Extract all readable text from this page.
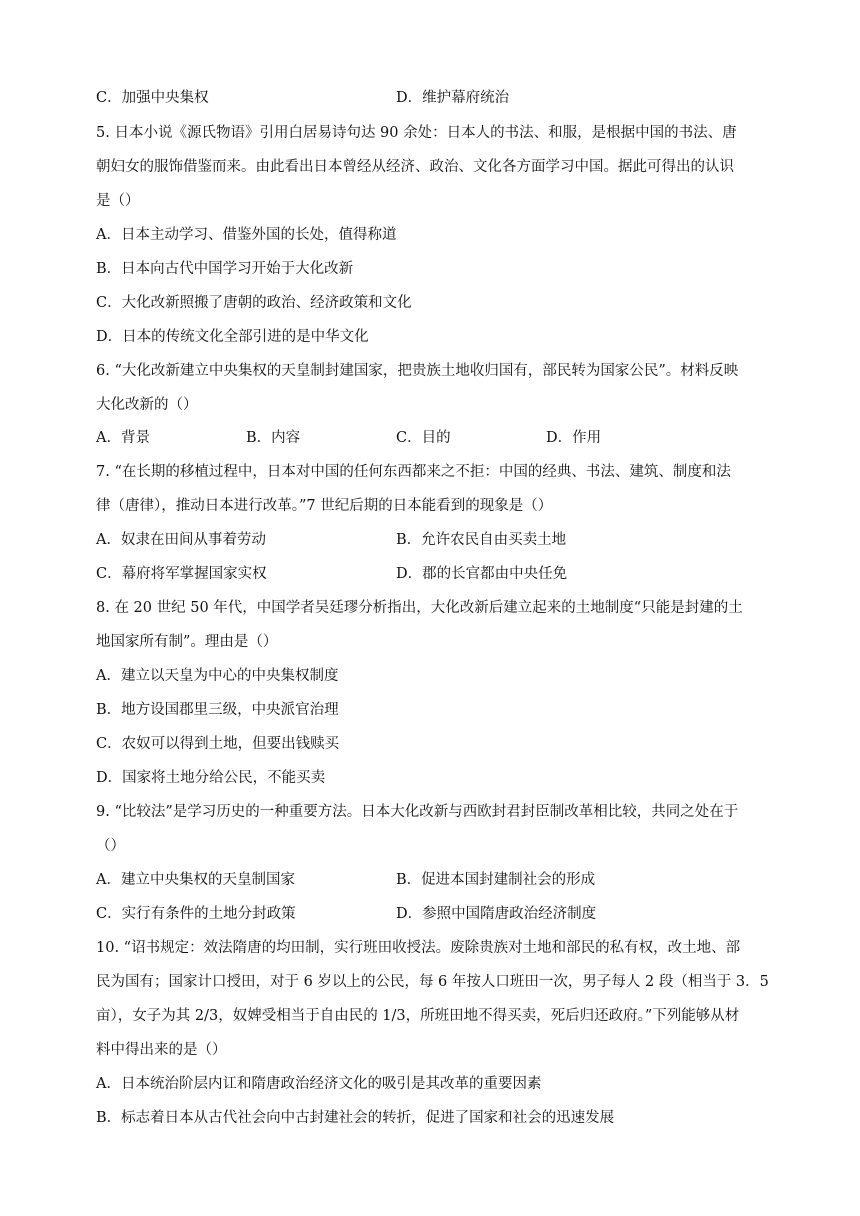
C．加强中央集权	D．维护幕府统治
5. 日本小说《源氏物语》引用白居易诗句达 90 余处：日本人的书法、和服，是根据中国的书法、唐
朝妇女的服饰借鉴而来。由此看出日本曾经从经济、政治、文化各方面学习中国。据此可得出的认识
是（）
A．日本主动学习、借鉴外国的长处，值得称道
B．日本向古代中国学习开始于大化改新
C．大化改新照搬了唐朝的政治、经济政策和文化
D．日本的传统文化全部引进的是中华文化
6. “大化改新建立中央集权的天皇制封建国家，把贵族土地收归国有，部民转为国家公民”。材料反映
大化改新的（）
A．背景	B．内容	C．目的	D．作用
7. “在长期的移植过程中，日本对中国的任何东西都来之不拒：中国的经典、书法、建筑、制度和法
律（唐律），推动日本进行改革。”7 世纪后期的日本能看到的现象是（）
A．奴隶在田间从事着劳动	B．允许农民自由买卖土地
C．幕府将军掌握国家实权	D．郡的长官都由中央任免
8. 在 20 世纪 50 年代，中国学者吴廷璆分析指出，大化改新后建立起来的土地制度“只能是封建的土
地国家所有制”。理由是（）
A．建立以天皇为中心的中央集权制度
B．地方设国郡里三级，中央派官治理
C．农奴可以得到土地，但要出钱赎买
D．国家将土地分给公民，不能买卖
9. “比较法”是学习历史的一种重要方法。日本大化改新与西欧封君封臣制改革相比较，共同之处在于
（）
A．建立中央集权的天皇制国家	B．促进本国封建制社会的形成
C．实行有条件的土地分封政策	D．参照中国隋唐政治经济制度
10. “诏书规定：效法隋唐的均田制，实行班田收授法。废除贵族对土地和部民的私有权，改土地、部
民为国有；国家计口授田，对于 6 岁以上的公民，每 6 年按人口班田一次，男子每人 2 段（相当于 3．5
亩），女子为其 2/3，奴婢受相当于自由民的 1/3，所班田地不得买卖，死后归还政府。”下列能够从材
料中得出来的是（）
A．日本统治阶层内讧和隋唐政治经济文化的吸引是其改革的重要因素
B．标志着日本从古代社会向中古封建社会的转折，促进了国家和社会的迅速发展
